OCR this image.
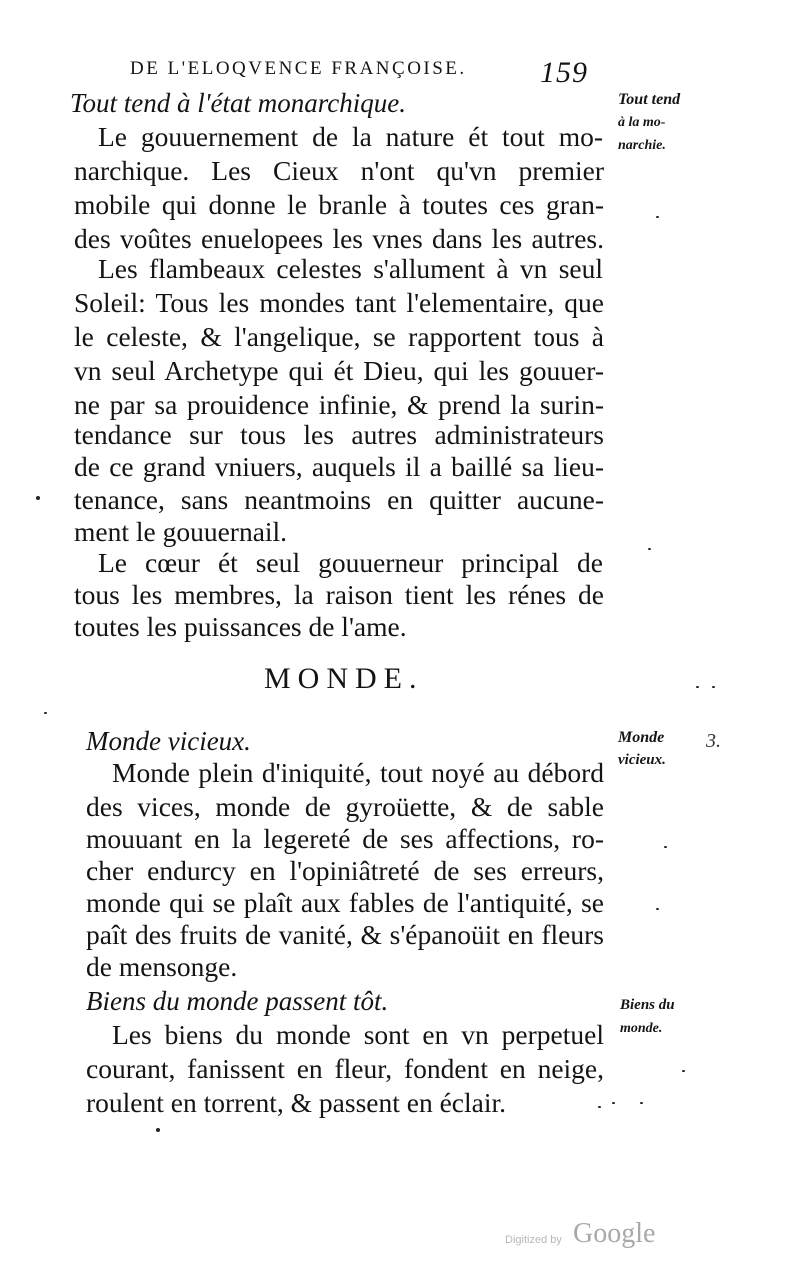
DE L'ELOQVENCE FRANÇOISE. 159
Tout tend à l'état monarchique.
Le gouuernement de la nature ét tout mo-
narchique. Les Cieux n'ont qu'vn premier
mobile qui donne le branle à toutes ces gran-
des voûtes enuelopees les vnes dans les autres.
Les flambeaux celestes s'allument à vn seul
Soleil: Tous les mondes tant l'elementaire, que
le celeste, & l'angelique, se rapportent tous à
vn seul Archetype qui ét Dieu, qui les gouuer-
ne par sa prouidence infinie, & prend la surin-
tendance sur tous les autres administrateurs
de ce grand vniuers, auquels il a baillé sa lieu-
tenance, sans neantmoins en quitter aucune-
ment le gouuernail.
Le cœur ét seul gouuerneur principal de
tous les membres, la raison tient les rénes de
toutes les puissances de l'ame.
MONDE.
Monde vicieux.
Monde plein d'iniquité, tout noyé au débord
des vices, monde de gyroüette, & de sable
mouuant en la legereté de ses affections, ro-
cher endurcy en l'opiniâtreté de ses erreurs,
monde qui se plaît aux fables de l'antiquité, se
paît des fruits de vanité, & s'épanoüit en fleurs
de mensonge.
Biens du monde passent tôt.
Les biens du monde sont en vn perpetuel
courant, fanissent en fleur, fondent en neige,
roulent en torrent, & passent en éclair.
Tout tend
à la mo-
narchie.
Monde
vicieux.
Biens du
monde.
3.
Digitized by Google
